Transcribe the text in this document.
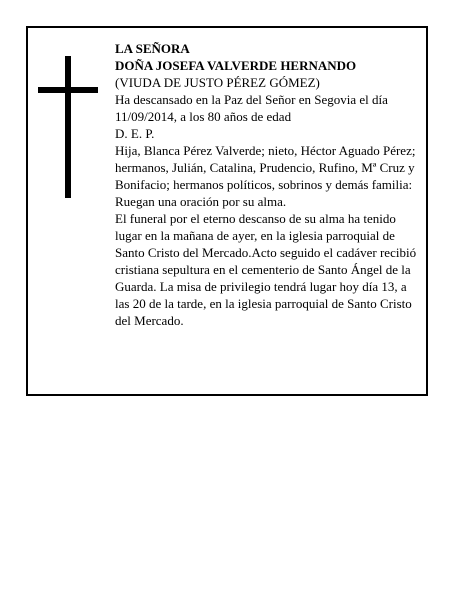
LA SEÑORA

DOÑA JOSEFA VALVERDE HERNANDO

(VIUDA DE JUSTO PÉREZ GÓMEZ)

Ha descansado en la Paz del Señor en Segovia el día 11/09/2014, a los 80 años de edad

D. E. P.

Hija, Blanca Pérez Valverde; nieto, Héctor Aguado Pérez; hermanos, Julián, Catalina, Prudencio, Rufino, Mª Cruz y Bonifacio; hermanos políticos, sobrinos y demás familia:

Ruegan una oración por su alma.

El funeral por el eterno descanso de su alma ha tenido lugar en la mañana de ayer, en la iglesia parroquial de Santo Cristo del Mercado.Acto seguido el cadáver recibió cristiana sepultura en el cementerio de Santo Ángel de la Guarda. La misa de privilegio tendrá lugar hoy día 13, a las 20 de la tarde, en la iglesia parroquial de Santo Cristo del Mercado.
